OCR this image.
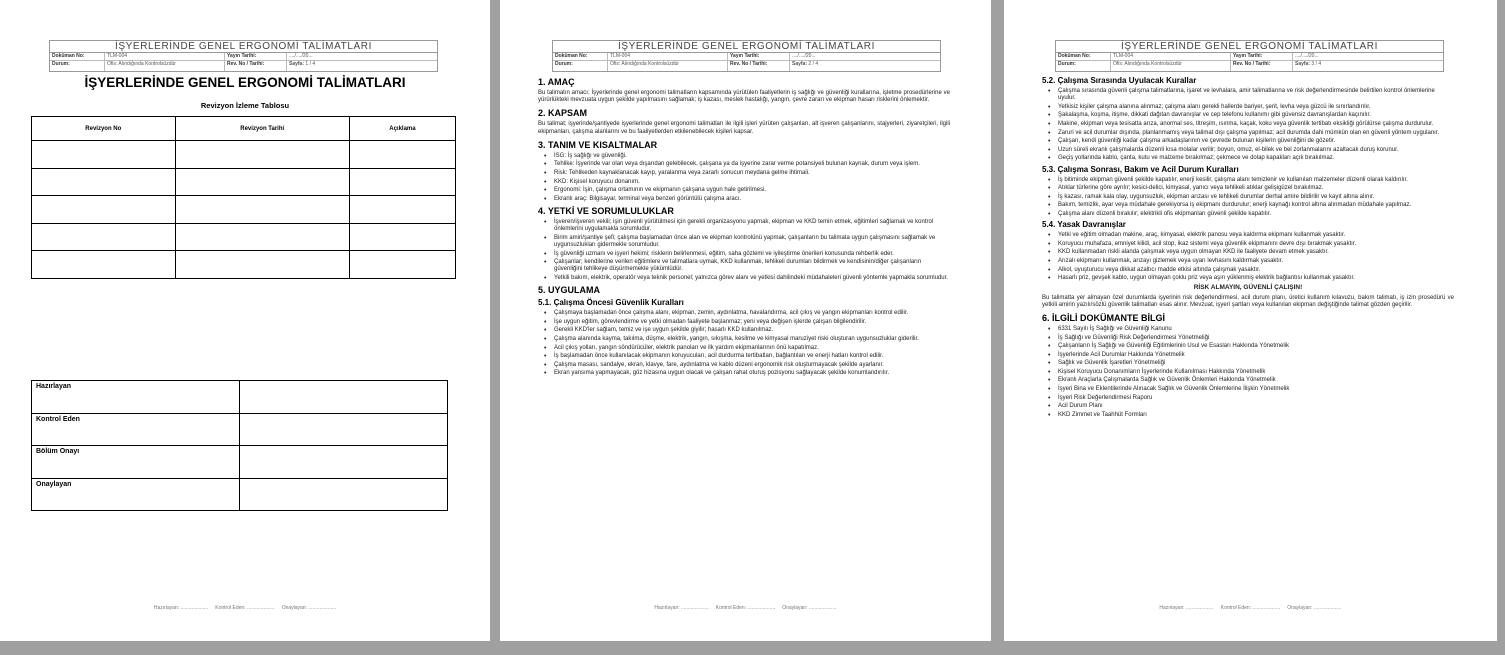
İŞYERLERİNDE GENEL ERGONOMİ TALİMATLARI
Doküman No:	TLM-004	Yayın Tarihi:	..../..../20...
Durum:	Ofis: Alındığında Kontrolsüzdür	Rev. No / Tarihi:	Sayfa: 1 / 4
İŞYERLERİNDE GENEL ERGONOMİ TALİMATLARI
Revizyon İzleme Tablosu
Revizyon No	Revizyon Tarihi	Açıklama

Hazırlayan	
Kontrol Eden	
Bölüm Onayı	
Onaylayan	
Hazırlayan: .................... Kontrol Eden: .................... Onaylayan: ....................
İŞYERLERİNDE GENEL ERGONOMİ TALİMATLARI
Doküman No:	TLM-004	Yayın Tarihi:	..../..../20...
Durum:	Ofis: Alındığında Kontrolsüzdür	Rev. No / Tarihi:	Sayfa: 2 / 4
1. AMAÇ

Bu talimatın amacı; İşyerlerinde genel ergonomi talimatların kapsamında yürütülen faaliyetlerin iş sağlığı ve güvenliği kurallarına, işletme prosedürlerine ve yürürlükteki mevzuata uygun şekilde yapılmasını sağlamak; iş kazası, meslek hastalığı, yangın, çevre zararı ve ekipman hasarı risklerini önlemektir.

2. KAPSAM

Bu talimat; işyerinde/şantiyede işyerlerinde genel ergonomi talimatları ile ilgili işleri yürüten çalışanları, alt işveren çalışanlarını, stajyerleri, ziyaretçileri, ilgili ekipmanları, çalışma alanlarını ve bu faaliyetlerden etkilenebilecek kişileri kapsar.

3. TANIM VE KISALTMALAR
• İSG: İş sağlığı ve güvenliği.
• Tehlike: İşyerinde var olan veya dışarıdan gelebilecek, çalışana ya da işyerine zarar verme potansiyeli bulunan kaynak, durum veya işlem.
• Risk: Tehlikeden kaynaklanacak kayıp, yaralanma veya zararlı sonucun meydana gelme ihtimali.
• KKD: Kişisel koruyucu donanım.
• Ergonomi: İşin, çalışma ortamının ve ekipmanın çalışana uygun hale getirilmesi.
• Ekranlı araç: Bilgisayar, terminal veya benzeri görüntülü çalışma aracı.
4. YETKİ VE SORUMLULUKLAR
• İşveren/işveren vekili; işin güvenli yürütülmesi için gerekli organizasyonu yapmak, ekipman ve KKD temin etmek, eğitimleri sağlamak ve kontrol önlemlerini uygulamakla sorumludur.
• Birim amiri/şantiye şefi; çalışma başlamadan önce alan ve ekipman kontrolünü yapmak, çalışanların bu talimata uygun çalışmasını sağlamak ve uygunsuzlukları gidermekle sorumludur.
• İş güvenliği uzmanı ve işyeri hekimi; risklerin belirlenmesi, eğitim, saha gözlemi ve iyileştirme önerileri konusunda rehberlik eder.
• Çalışanlar; kendilerine verilen eğitimlere ve talimatlara uymak, KKD kullanmak, tehlikeli durumları bildirmek ve kendisinin/diğer çalışanların güvenliğini tehlikeye düşürmemekle yükümlüdür.
• Yetkili bakım, elektrik, operatör veya teknik personel; yalnızca görev alanı ve yetkisi dahilindeki müdahaleleri güvenli yöntemle yapmakla sorumludur.
5. UYGULAMA
5.1. Çalışma Öncesi Güvenlik Kuralları
• Çalışmaya başlamadan önce çalışma alanı, ekipman, zemin, aydınlatma, havalandırma, acil çıkış ve yangın ekipmanları kontrol edilir.
• İşe uygun eğitim, görevlendirme ve yetki olmadan faaliyete başlanmaz; yeni veya değişen işlerde çalışan bilgilendirilir.
• Gerekli KKD'ler sağlam, temiz ve işe uygun şekilde giyilir; hasarlı KKD kullanılmaz.
• Çalışma alanında kayma, takılma, düşme, elektrik, yangın, sıkışma, kesilme ve kimyasal maruziyet riski oluşturan uygunsuzluklar giderilir.
• Acil çıkış yolları, yangın söndürücüler, elektrik panoları ve ilk yardım ekipmanlarının önü kapatılmaz.
• İş başlamadan önce kullanılacak ekipmanın koruyucuları, acil durdurma tertibatları, bağlantıları ve enerji hatları kontrol edilir.
• Çalışma masası, sandalye, ekran, klavye, fare, aydınlatma ve kablo düzeni ergonomik risk oluşturmayacak şekilde ayarlanır.
• Ekran yansıma yapmayacak, göz hizasına uygun olacak ve çalışan rahat oturuş pozisyonu sağlayacak şekilde konumlandırılır.
Hazırlayan: .................... Kontrol Eden: .................... Onaylayan: ....................
İŞYERLERİNDE GENEL ERGONOMİ TALİMATLARI
Doküman No:	TLM-004	Yayın Tarihi:	..../..../20...
Durum:	Ofis: Alındığında Kontrolsüzdür	Rev. No / Tarihi:	Sayfa: 3 / 4
5.2. Çalışma Sırasında Uyulacak Kurallar
• Çalışma sırasında güvenli çalışma talimatlarına, işaret ve levhalara, amir talimatlarına ve risk değerlendirmesinde belirtilen kontrol önlemlerine uyulur.
• Yetkisiz kişiler çalışma alanına alınmaz; çalışma alanı gerekli hallerde bariyer, şerit, levha veya güzcü ile sınırlandırılır.
• Şakalaşma, koşma, itişme, dikkati dağıtan davranışlar ve cep telefonu kullanımı gibi güvensiz davranışlardan kaçınılır.
• Makine, ekipman veya tesisatta arıza, anormal ses, titreşim, ısınma, kaçak, koku veya güvenlik tertibatı eksikliği görülürse çalışma durdurulur.
• Zaruri ve acil durumlar dışında, planlanmamış veya talimat dışı çalışma yapılmaz; acil durumda dahi mümkün olan en güvenli yöntem uygulanır.
• Çalışan, kendi güvenliği kadar çalışma arkadaşlarının ve çevrede bulunan kişilerin güvenliğini de gözetir.
• Uzun süreli ekranlı çalışmalarda düzenli kısa molalar verilir; boyun, omuz, el-bilek ve bel zorlanmalarını azaltacak duruş korunur.
• Geçiş yollarında kablo, çanta, kutu ve malzeme bırakılmaz; çekmece ve dolap kapakları açık bırakılmaz.
5.3. Çalışma Sonrası, Bakım ve Acil Durum Kuralları
• İş bitiminde ekipman güvenli şekilde kapatılır, enerji kesilir, çalışma alanı temizlenir ve kullanılan malzemeler düzenli olarak kaldırılır.
• Atıklar türlerine göre ayrılır; kesici-delici, kimyasal, yanıcı veya tehlikeli atıklar gelişigüzel bırakılmaz.
• İş kazası, ramak kala olay, uygunsuzluk, ekipman arızası ve tehlikeli durumlar derhal amire bildirilir ve kayıt altına alınır.
• Bakım, temizlik, ayar veya müdahale gerekiyorsa iş ekipmanı durdurulur; enerji kaynağı kontrol altına alınmadan müdahale yapılmaz.
• Çalışma alanı düzenli bırakılır; elektrikli ofis ekipmanları güvenli şekilde kapatılır.
5.4. Yasak Davranışlar
• Yetki ve eğitim olmadan makine, araç, kimyasal, elektrik panosu veya kaldırma ekipmanı kullanmak yasaktır.
• Koruyucu muhafaza, emniyet kilidi, acil stop, ikaz sistemi veya güvenlik ekipmanını devre dışı bırakmak yasaktır.
• KKD kullanmadan riskli alanda çalışmak veya uygun olmayan KKD ile faaliyete devam etmek yasaktır.
• Arızalı ekipmanı kullanmak, arızayı gizlemek veya uyarı levhasını kaldırmak yasaktır.
• Alkol, uyuşturucu veya dikkat azaltıcı madde etkisi altında çalışmak yasaktır.
• Hasarlı priz, gevşek kablo, uygun olmayan çoklu priz veya aşırı yüklenmiş elektrik bağlantısı kullanmak yasaktır.
RİSK ALMAYIN, GÜVENLİ ÇALIŞIN!

Bu talimatta yer almayan özel durumlarda işyerinin risk değerlendirmesi, acil durum planı, üretici kullanım kılavuzu, bakım talimatı, iş izin prosedürü ve yetkili amirin yazılı/sözlü güvenlik talimatları esas alınır. Mevzuat, işyeri şartları veya kullanılan ekipman değiştiğinde talimat gözden geçirilir.

6. İLGİLİ DOKÜMANTE BİLGİ
• 6331 Sayılı İş Sağlığı ve Güvenliği Kanunu
• İş Sağlığı ve Güvenliği Risk Değerlendirmesi Yönetmeliği
• Çalışanların İş Sağlığı ve Güvenliği Eğitimlerinin Usul ve Esasları Hakkında Yönetmelik
• İşyerlerinde Acil Durumlar Hakkında Yönetmelik
• Sağlık ve Güvenlik İşaretleri Yönetmeliği
• Kişisel Koruyucu Donanımların İşyerlerinde Kullanılması Hakkında Yönetmelik
• Ekranlı Araçlarla Çalışmalarda Sağlık ve Güvenlik Önlemleri Hakkında Yönetmelik
• İşyeri Bina ve Eklentilerinde Alınacak Sağlık ve Güvenlik Önlemlerine İlişkin Yönetmelik
• İşyeri Risk Değerlendirmesi Raporu
• Acil Durum Planı
• KKD Zimmet ve Taahhüt Formları
Hazırlayan: .................... Kontrol Eden: .................... Onaylayan: ....................
